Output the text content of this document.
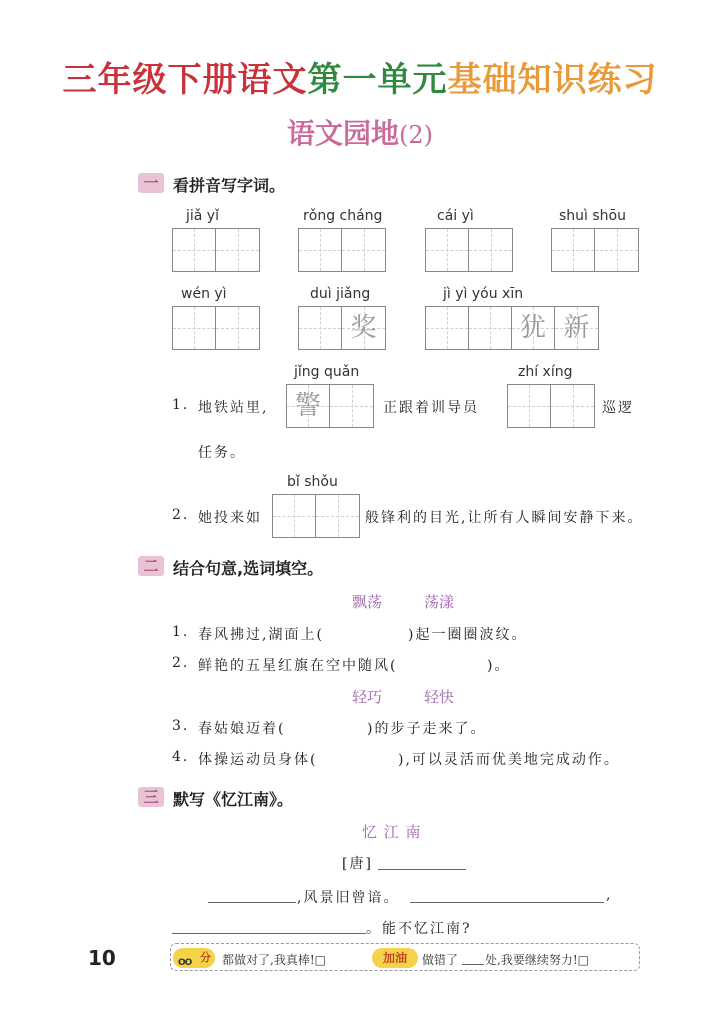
三年级下册语文第一单元基础知识练习
语文园地(2)
一 看拼音写字词。
jiǎ yǐ	rǒng cháng	cái yì	shuì shōu
wén yì	duì jiǎng
奖
jì yì yóu xīn
犹 新
jǐng quǎn	zhí xíng
1. 地铁站里,	警	正跟着训导员	巡逻
任务。
bǐ shǒu
2. 她投来如	般锋利的目光,让所有人瞬间安静下来。
二 结合句意,选词填空。
飘荡	荡漾
1. 春风拂过,湖面上(	)起一圈圈波纹。
2. 鲜艳的五星红旗在空中随风(	)。
轻巧	轻快
3. 春姑娘迈着(	)的步子走来了。
4. 体操运动员身体(	),可以灵活而优美地完成动作。
三 默写《忆江南》。
忆 江 南
[唐]
,风景旧曾谙。	,
。能不忆江南?
10	OO 分 都做对了,我真棒!□	加油	做错了 处,我要继续努力!□
